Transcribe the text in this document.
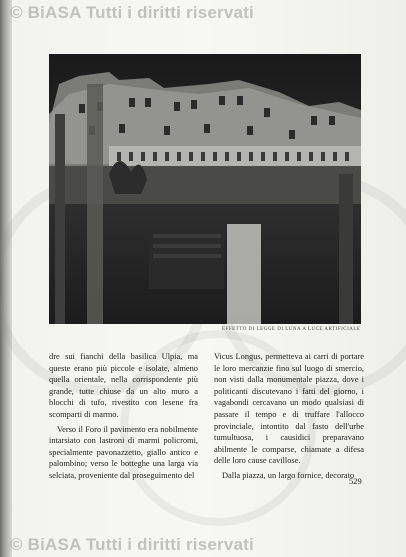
© BiASA Tutti i diritti riservati
© BiASA Tutti i diritti riservati
EFFETTO DI LEGGE DI LUNA A LUCE ARTIFICIALE

dre sui fianchi della basilica Ulpia, ma queste erano più piccole e isolate, almeno quella orientale, nella corrispondente più grande, tutte chiuse da un alto muro a blocchi di tufo, rivestito con lesene fra scomparti di marmo.

Verso il Foro il pavimento era nobilmente intarsiato con lastroni di marmi policromi, specialmente pavonazzetto, giallo antico e palombino; verso le botteghe una larga via selciata, proveniente dal proseguimento del

Vicus Longus, permetteva ai carri di portare le loro mercanzie fino sul luogo di smercio, non visti dalla monumentale piazza, dove i politicanti discutevano i fatti del giorno, i vagabondi cercavano un modo qualsiasi di passare il tempo e di truffare l'allocco provinciale, intontito dal fasto dell'urbe tumultuosa, i causidici preparavano abilmente le comparse, chiamate a difesa delle loro cause cavillose.

Dalla piazza, un largo fornice, decorato

529
